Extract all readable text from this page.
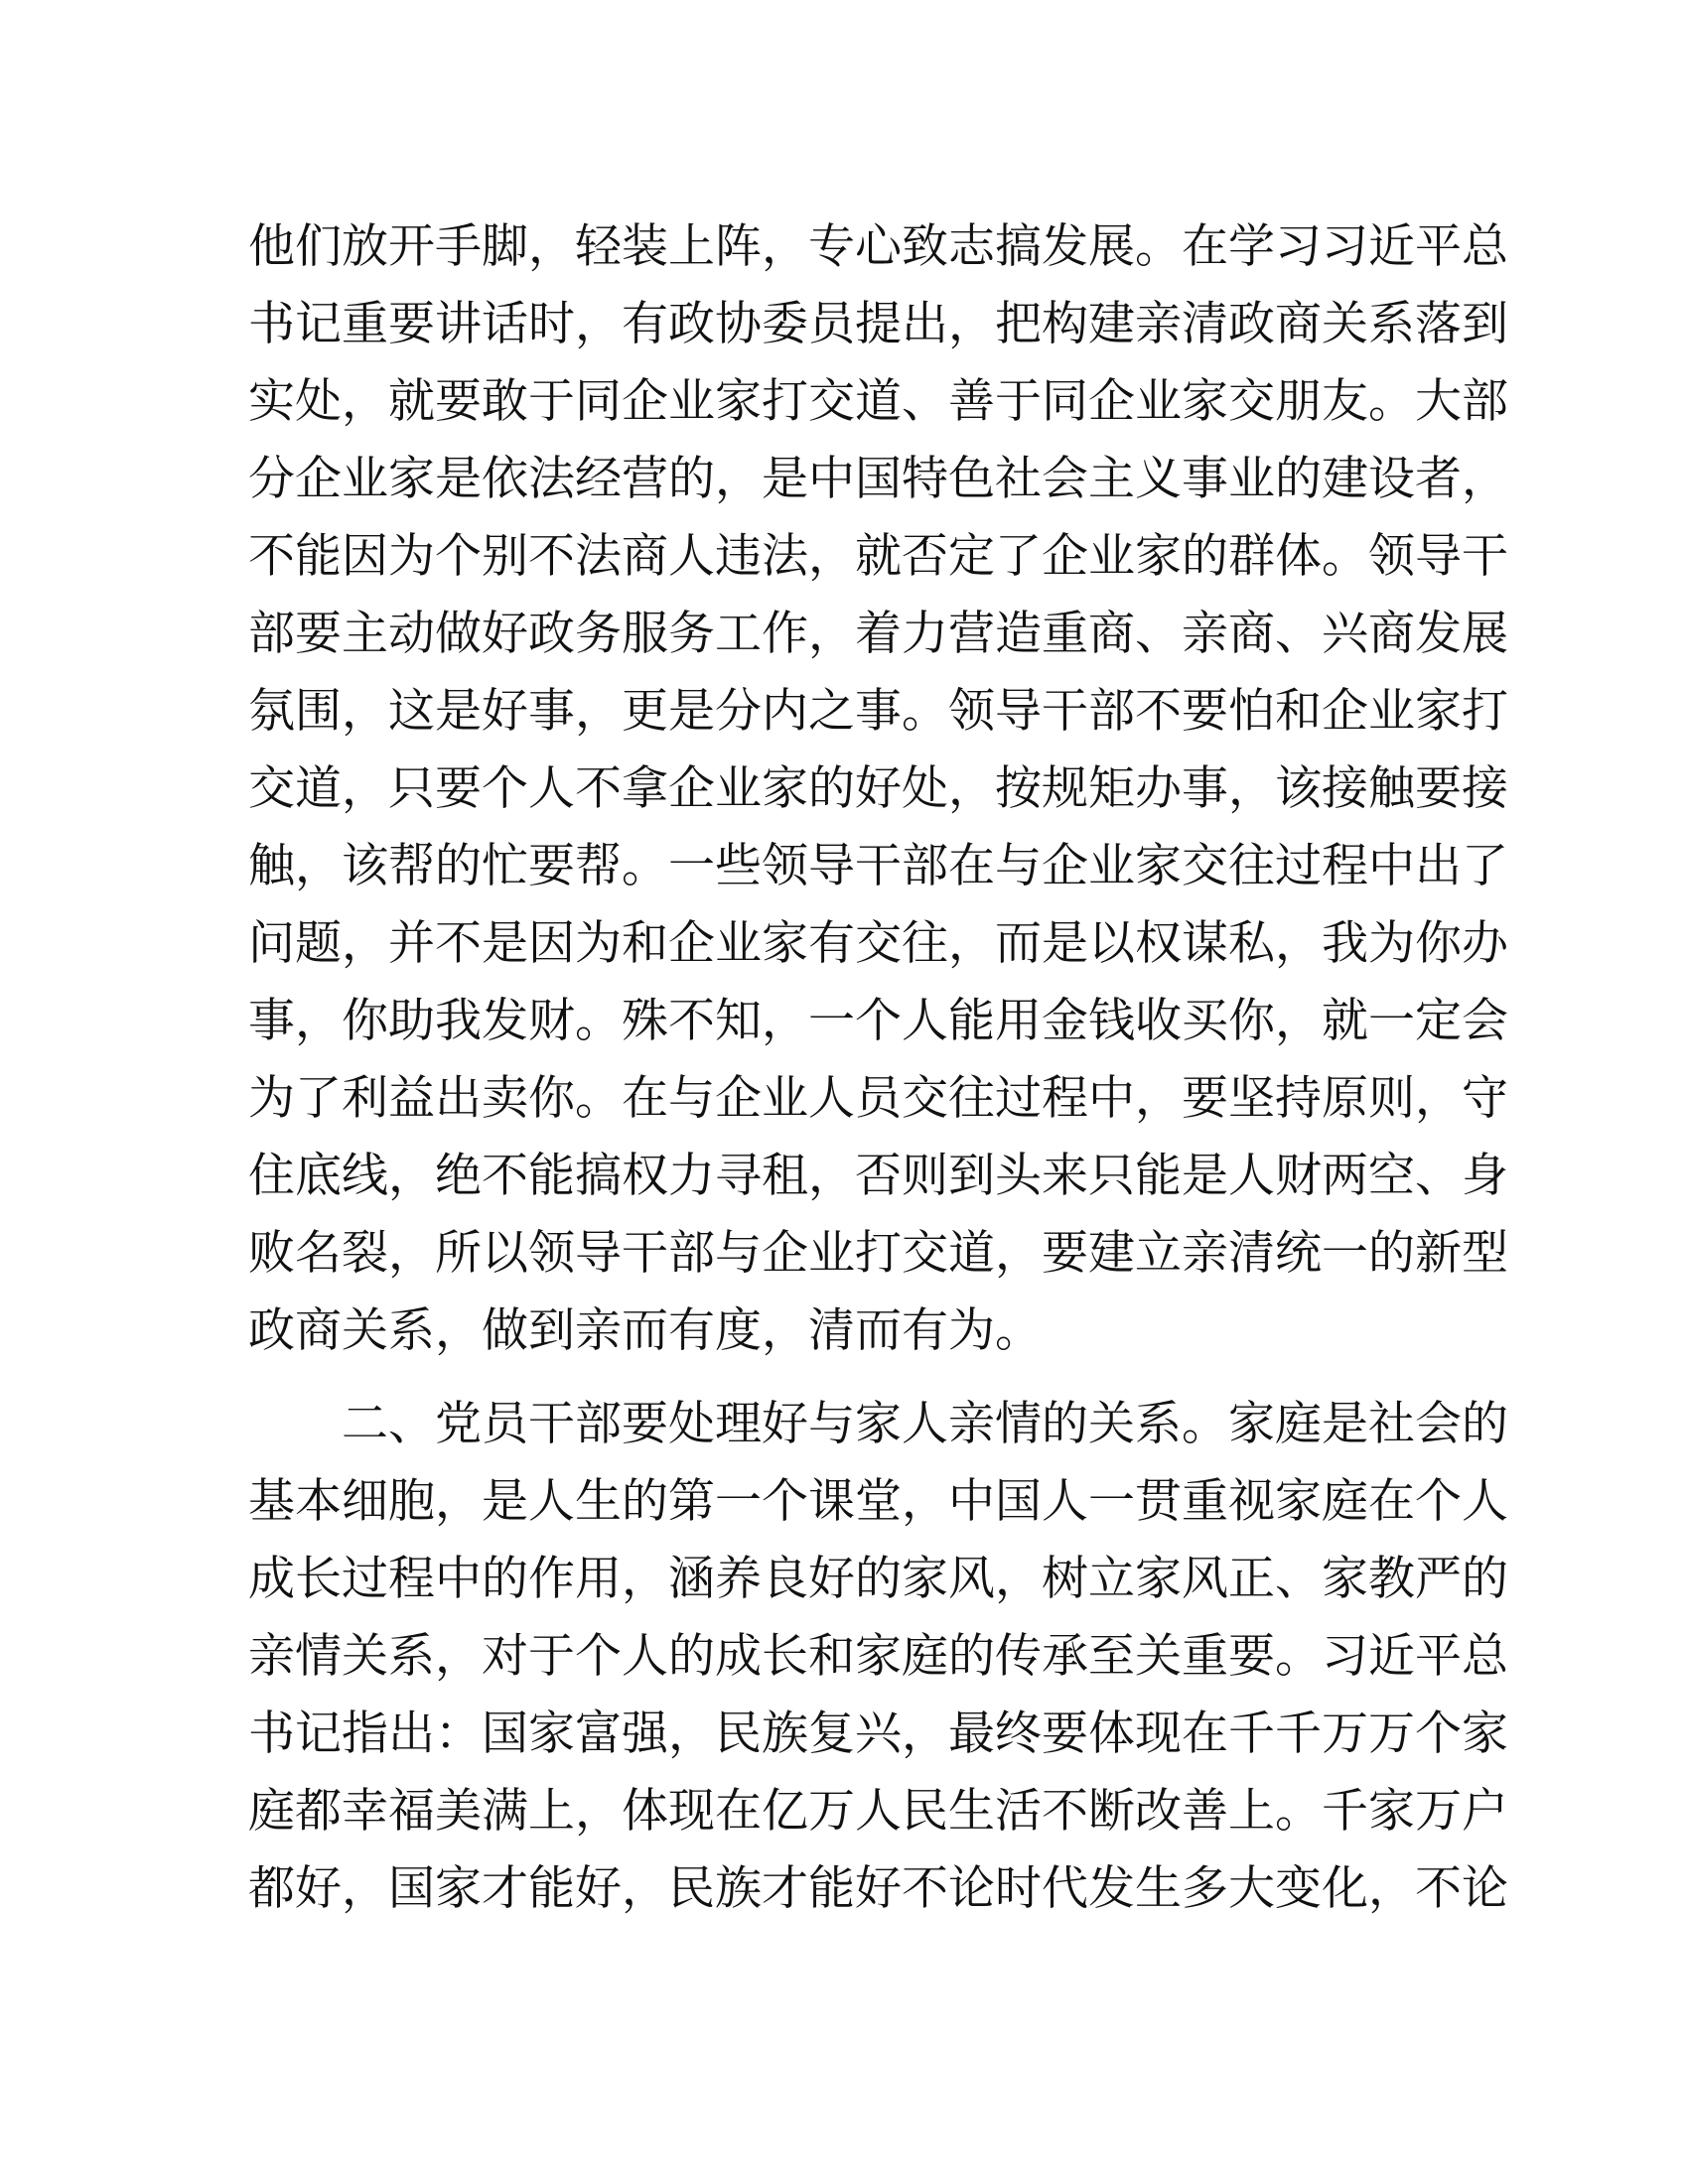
他们放开手脚，轻装上阵，专心致志搞发展。在学习习近平总
书记重要讲话时，有政协委员提出，把构建亲清政商关系落到
实处，就要敢于同企业家打交道、善于同企业家交朋友。大部
分企业家是依法经营的，是中国特色社会主义事业的建设者，
不能因为个别不法商人违法，就否定了企业家的群体。领导干
部要主动做好政务服务工作，着力营造重商、亲商、兴商发展
氛围，这是好事，更是分内之事。领导干部不要怕和企业家打
交道，只要个人不拿企业家的好处，按规矩办事，该接触要接
触，该帮的忙要帮。一些领导干部在与企业家交往过程中出了
问题，并不是因为和企业家有交往，而是以权谋私，我为你办
事，你助我发财。殊不知，一个人能用金钱收买你，就一定会
为了利益出卖你。在与企业人员交往过程中，要坚持原则，守
住底线，绝不能搞权力寻租，否则到头来只能是人财两空、身
败名裂，所以领导干部与企业打交道，要建立亲清统一的新型
政商关系，做到亲而有度，清而有为。
　　二、党员干部要处理好与家人亲情的关系。家庭是社会的
基本细胞，是人生的第一个课堂，中国人一贯重视家庭在个人
成长过程中的作用，涵养良好的家风，树立家风正、家教严的
亲情关系，对于个人的成长和家庭的传承至关重要。习近平总
书记指出：国家富强，民族复兴，最终要体现在千千万万个家
庭都幸福美满上，体现在亿万人民生活不断改善上。千家万户
都好，国家才能好，民族才能好不论时代发生多大变化，不论
